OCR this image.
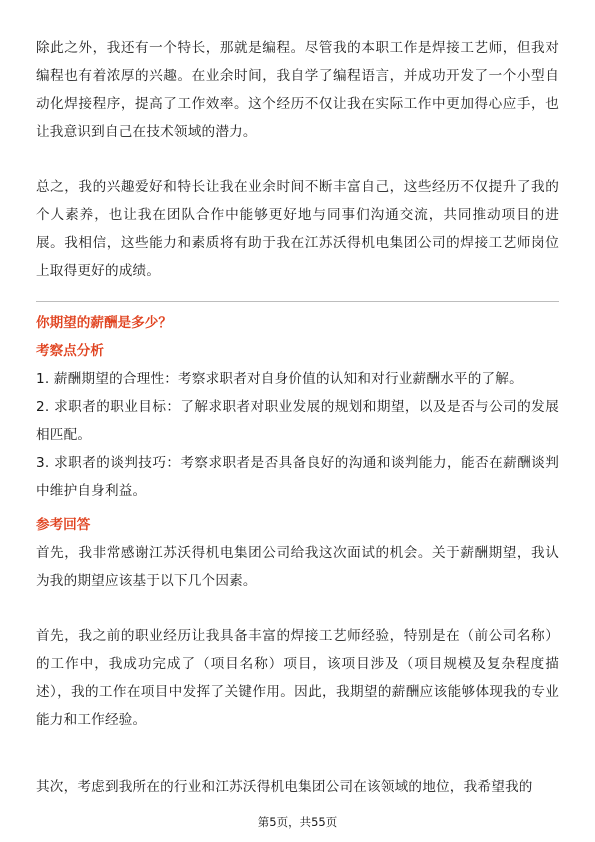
除此之外，我还有一个特长，那就是编程。尽管我的本职工作是焊接工艺师，但我对编程也有着浓厚的兴趣。在业余时间，我自学了编程语言，并成功开发了一个小型自动化焊接程序，提高了工作效率。这个经历不仅让我在实际工作中更加得心应手，也让我意识到自己在技术领域的潜力。

总之，我的兴趣爱好和特长让我在业余时间不断丰富自己，这些经历不仅提升了我的个人素养，也让我在团队合作中能够更好地与同事们沟通交流，共同推动项目的进展。我相信，这些能力和素质将有助于我在江苏沃得机电集团公司的焊接工艺师岗位上取得更好的成绩。

你期望的薪酬是多少？

考察点分析

1. 薪酬期望的合理性：考察求职者对自身价值的认知和对行业薪酬水平的了解。

2. 求职者的职业目标：了解求职者对职业发展的规划和期望，以及是否与公司的发展相匹配。

3. 求职者的谈判技巧：考察求职者是否具备良好的沟通和谈判能力，能否在薪酬谈判中维护自身利益。

参考回答

首先，我非常感谢江苏沃得机电集团公司给我这次面试的机会。关于薪酬期望，我认为我的期望应该基于以下几个因素。

首先，我之前的职业经历让我具备丰富的焊接工艺师经验，特别是在（前公司名称）的工作中，我成功完成了（项目名称）项目，该项目涉及（项目规模及复杂程度描述），我的工作在项目中发挥了关键作用。因此，我期望的薪酬应该能够体现我的专业能力和工作经验。

其次，考虑到我所在的行业和江苏沃得机电集团公司在该领域的地位，我希望我的

第5页，共55页
